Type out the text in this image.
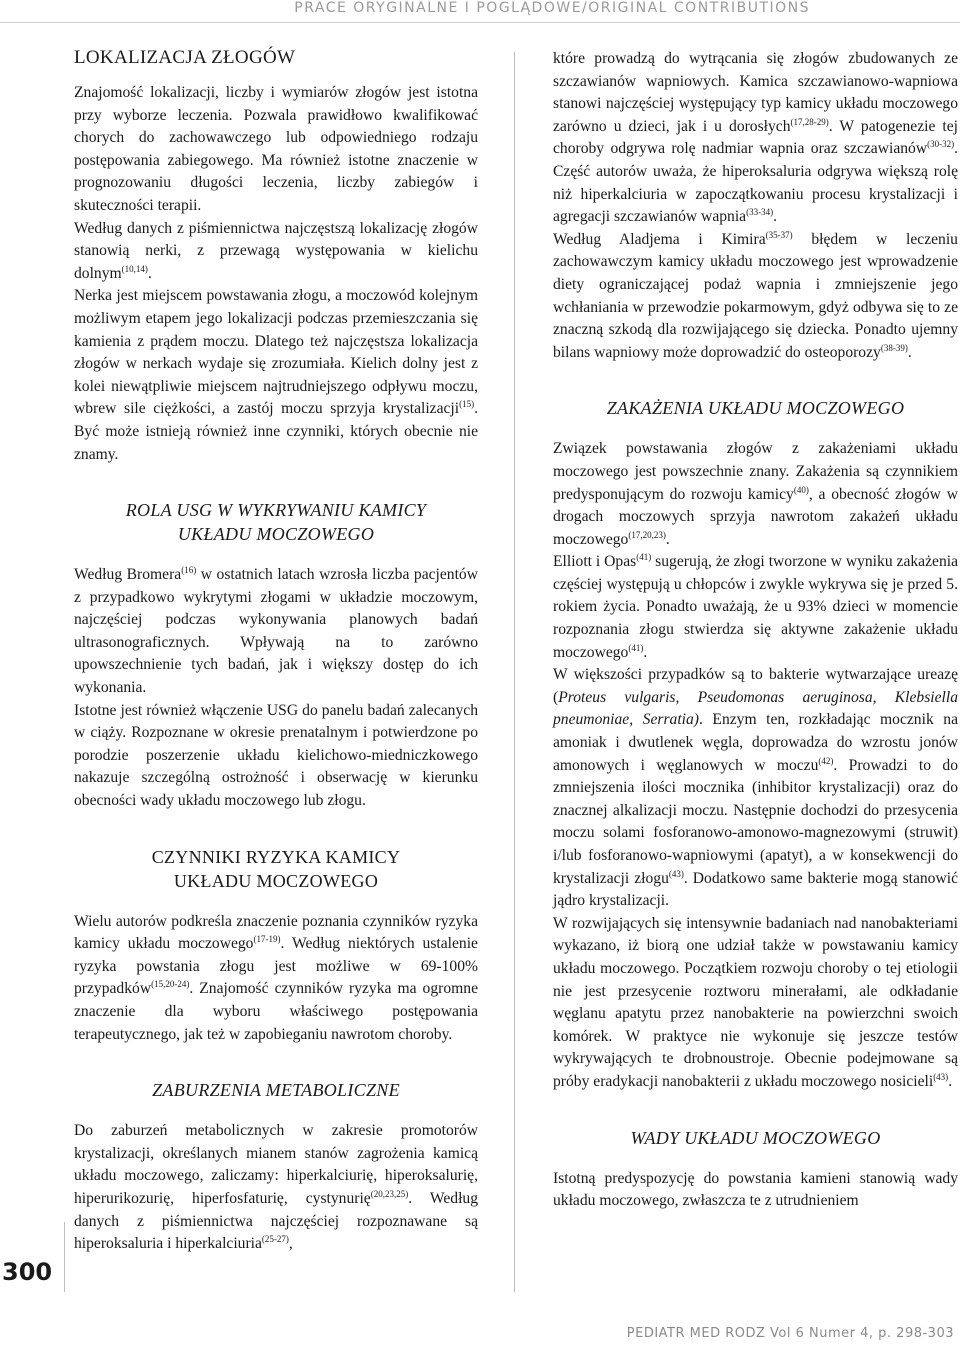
PRACE ORYGINALNE I POGLĄDOWE/ORIGINAL CONTRIBUTIONS
300
LOKALIZACJA ZŁOGÓW

Znajomość lokalizacji, liczby i wymiarów złogów jest istotna przy wyborze leczenia. Pozwala prawidłowo kwalifikować chorych do zachowawczego lub odpowiedniego rodzaju postępowania zabiegowego. Ma również istotne znaczenie w prognozowaniu długości leczenia, liczby zabiegów i skuteczności terapii.

Według danych z piśmiennictwa najczęstszą lokalizację złogów stanowią nerki, z przewagą występowania w kielichu dolnym$^{(10,14)}$.

Nerka jest miejscem powstawania złogu, a moczowód kolejnym możliwym etapem jego lokalizacji podczas przemieszczania się kamienia z prądem moczu. Dlatego też najczęstsza lokalizacja złogów w nerkach wydaje się zrozumiała. Kielich dolny jest z kolei niewątpliwie miejscem najtrudniejszego odpływu moczu, wbrew sile ciężkości, a zastój moczu sprzyja krystalizacji$^{(15)}$. Być może istnieją również inne czynniki, których obecnie nie znamy.

ROLA USG W WYKRYWANIU KAMICY
UKŁADU MOCZOWEGO

Według Bromera$^{(16)}$ w ostatnich latach wzrosła liczba pacjentów z przypadkowo wykrytymi złogami w układzie moczowym, najczęściej podczas wykonywania planowych badań ultrasonograficznych. Wpływają na to zarówno upowszechnienie tych badań, jak i większy dostęp do ich wykonania.

Istotne jest również włączenie USG do panelu badań zalecanych w ciąży. Rozpoznane w okresie prenatalnym i potwierdzone po porodzie poszerzenie układu kielichowo-miedniczkowego nakazuje szczególną ostrożność i obserwację w kierunku obecności wady układu moczowego lub złogu.

CZYNNIKI RYZYKA KAMICY
UKŁADU MOCZOWEGO

Wielu autorów podkreśla znaczenie poznania czynników ryzyka kamicy układu moczowego$^{(17-19)}$. Według niektórych ustalenie ryzyka powstania złogu jest możliwe w 69-100% przypadków$^{(15,20-24)}$. Znajomość czynników ryzyka ma ogromne znaczenie dla wyboru właściwego postępowania terapeutycznego, jak też w zapobieganiu nawrotom choroby.

ZABURZENIA METABOLICZNE

Do zaburzeń metabolicznych w zakresie promotorów krystalizacji, określanych mianem stanów zagrożenia kamicą układu moczowego, zaliczamy: hiperkalciurię, hiperoksalurię, hiperurikozurię, hiperfosfaturię, cystynurię$^{(20,23,25)}$. Według danych z piśmiennictwa najczęściej rozpoznawane są hiperoksaluria i hiperkalciuria$^{(25-27)}$,

które prowadzą do wytrącania się złogów zbudowanych ze szczawianów wapniowych. Kamica szczawianowo-wapniowa stanowi najczęściej występujący typ kamicy układu moczowego zarówno u dzieci, jak i u dorosłych$^{(17,28-29)}$. W patogenezie tej choroby odgrywa rolę nadmiar wapnia oraz szczawianów$^{(30-32)}$. Część autorów uważa, że hiperoksaluria odgrywa większą rolę niż hiperkalciuria w zapoczątkowaniu procesu krystalizacji i agregacji szczawianów wapnia$^{(33-34)}$.

Według Aladjema i Kimira$^{(35-37)}$ błędem w leczeniu zachowawczym kamicy układu moczowego jest wprowadzenie diety ograniczającej podaż wapnia i zmniejszenie jego wchłaniania w przewodzie pokarmowym, gdyż odbywa się to ze znaczną szkodą dla rozwijającego się dziecka. Ponadto ujemny bilans wapniowy może doprowadzić do osteoporozy$^{(38-39)}$.

ZAKAŻENIA UKŁADU MOCZOWEGO

Związek powstawania złogów z zakażeniami układu moczowego jest powszechnie znany. Zakażenia są czynnikiem predysponującym do rozwoju kamicy$^{(40)}$, a obecność złogów w drogach moczowych sprzyja nawrotom zakażeń układu moczowego$^{(17,20,23)}$.

Elliott i Opas$^{(41)}$ sugerują, że złogi tworzone w wyniku zakażenia częściej występują u chłopców i zwykle wykrywa się je przed 5. rokiem życia. Ponadto uważają, że u 93% dzieci w momencie rozpoznania złogu stwierdza się aktywne zakażenie układu moczowego$^{(41)}$.

W większości przypadków są to bakterie wytwarzające ureazę (Proteus vulgaris, Pseudomonas aeruginosa, Klebsiella pneumoniae, Serratia). Enzym ten, rozkładając mocznik na amoniak i dwutlenek węgla, doprowadza do wzrostu jonów amonowych i węglanowych w moczu$^{(42)}$. Prowadzi to do zmniejszenia ilości mocznika (inhibitor krystalizacji) oraz do znacznej alkalizacji moczu. Następnie dochodzi do przesycenia moczu solami fosforanowo-amonowo-magnezowymi (struwit) i/lub fosforanowo-wapniowymi (apatyt), a w konsekwencji do krystalizacji złogu$^{(43)}$. Dodatkowo same bakterie mogą stanowić jądro krystalizacji.

W rozwijających się intensywnie badaniach nad nanobakteriami wykazano, iż biorą one udział także w powstawaniu kamicy układu moczowego. Początkiem rozwoju choroby o tej etiologii nie jest przesycenie roztworu minerałami, ale odkładanie węglanu apatytu przez nanobakterie na powierzchni swoich komórek. W praktyce nie wykonuje się jeszcze testów wykrywających te drobnoustroje. Obecnie podejmowane są próby eradykacji nanobakterii z układu moczowego nosicieli$^{(43)}$.

WADY UKŁADU MOCZOWEGO

Istotną predyspozycję do powstania kamieni stanowią wady układu moczowego, zwłaszcza te z utrudnieniem

PEDIATR MED RODZ Vol 6 Numer 4, p. 298-303
